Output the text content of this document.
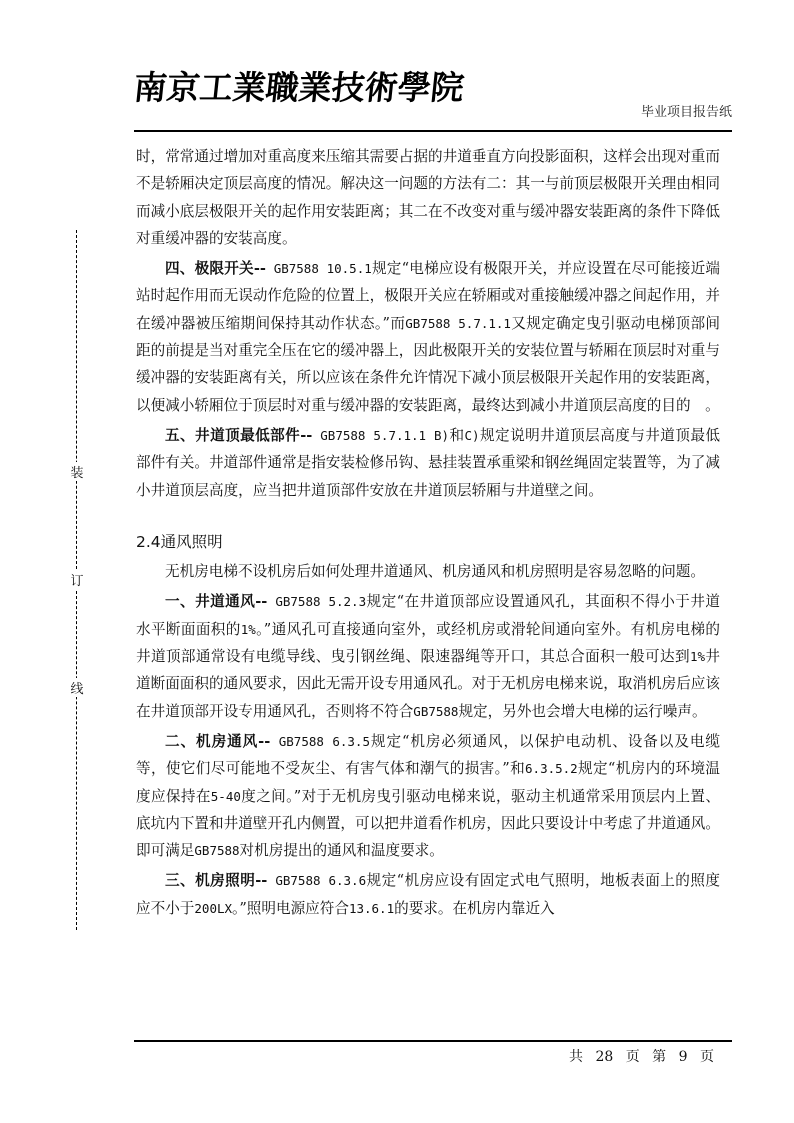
南京工業職業技術學院
毕业项目报告纸
装
订
线

时，常常通过增加对重高度来压缩其需要占据的井道垂直方向投影面积，这样会出现对重而不是轿厢决定顶层高度的情况。解决这一问题的方法有二：其一与前顶层极限开关理由相同而减小底层极限开关的起作用安装距离；其二在不改变对重与缓冲器安装距离的条件下降低对重缓冲器的安装高度。

四、极限开关-- GB7588 10.5.1规定“电梯应设有极限开关，并应设置在尽可能接近端站时起作用而无误动作危险的位置上，极限开关应在轿厢或对重接触缓冲器之间起作用，并在缓冲器被压缩期间保持其动作状态。”而GB7588 5.7.1.1又规定确定曳引驱动电梯顶部间距的前提是当对重完全压在它的缓冲器上，因此极限开关的安装位置与轿厢在顶层时对重与缓冲器的安装距离有关，所以应该在条件允许情况下减小顶层极限开关起作用的安装距离，以便减小轿厢位于顶层时对重与缓冲器的安装距离，最终达到减小井道顶层高度的目的　。

五、井道顶最低部件-- GB7588 5.7.1.1 B)和C)规定说明井道顶层高度与井道顶最低部件有关。井道部件通常是指安装检修吊钩、悬挂装置承重梁和钢丝绳固定装置等，为了减小井道顶层高度，应当把井道顶部件安放在井道顶层轿厢与井道壁之间。

2.4通风照明

无机房电梯不设机房后如何处理井道通风、机房通风和机房照明是容易忽略的问题。

一、井道通风-- GB7588 5.2.3规定“在井道顶部应设置通风孔，其面积不得小于井道水平断面面积的1%。”通风孔可直接通向室外，或经机房或滑轮间通向室外。有机房电梯的井道顶部通常设有电缆导线、曳引钢丝绳、限速器绳等开口，其总合面积一般可达到1%井道断面面积的通风要求，因此无需开设专用通风孔。对于无机房电梯来说，取消机房后应该在井道顶部开设专用通风孔，否则将不符合GB7588规定，另外也会增大电梯的运行噪声。

二、机房通风-- GB7588 6.3.5规定“机房必须通风，以保护电动机、设备以及电缆等，使它们尽可能地不受灰尘、有害气体和潮气的损害。”和6.3.5.2规定“机房内的环境温度应保持在5-40度之间。”对于无机房曳引驱动电梯来说，驱动主机通常采用顶层内上置、底坑内下置和井道壁开孔内侧置，可以把井道看作机房，因此只要设计中考虑了井道通风。即可满足GB7588对机房提出的通风和温度要求。

三、机房照明-- GB7588 6.3.6规定“机房应设有固定式电气照明，地板表面上的照度应不小于200LX。”照明电源应符合13.6.1的要求。在机房内靠近入

共 28 页 第 9 页
